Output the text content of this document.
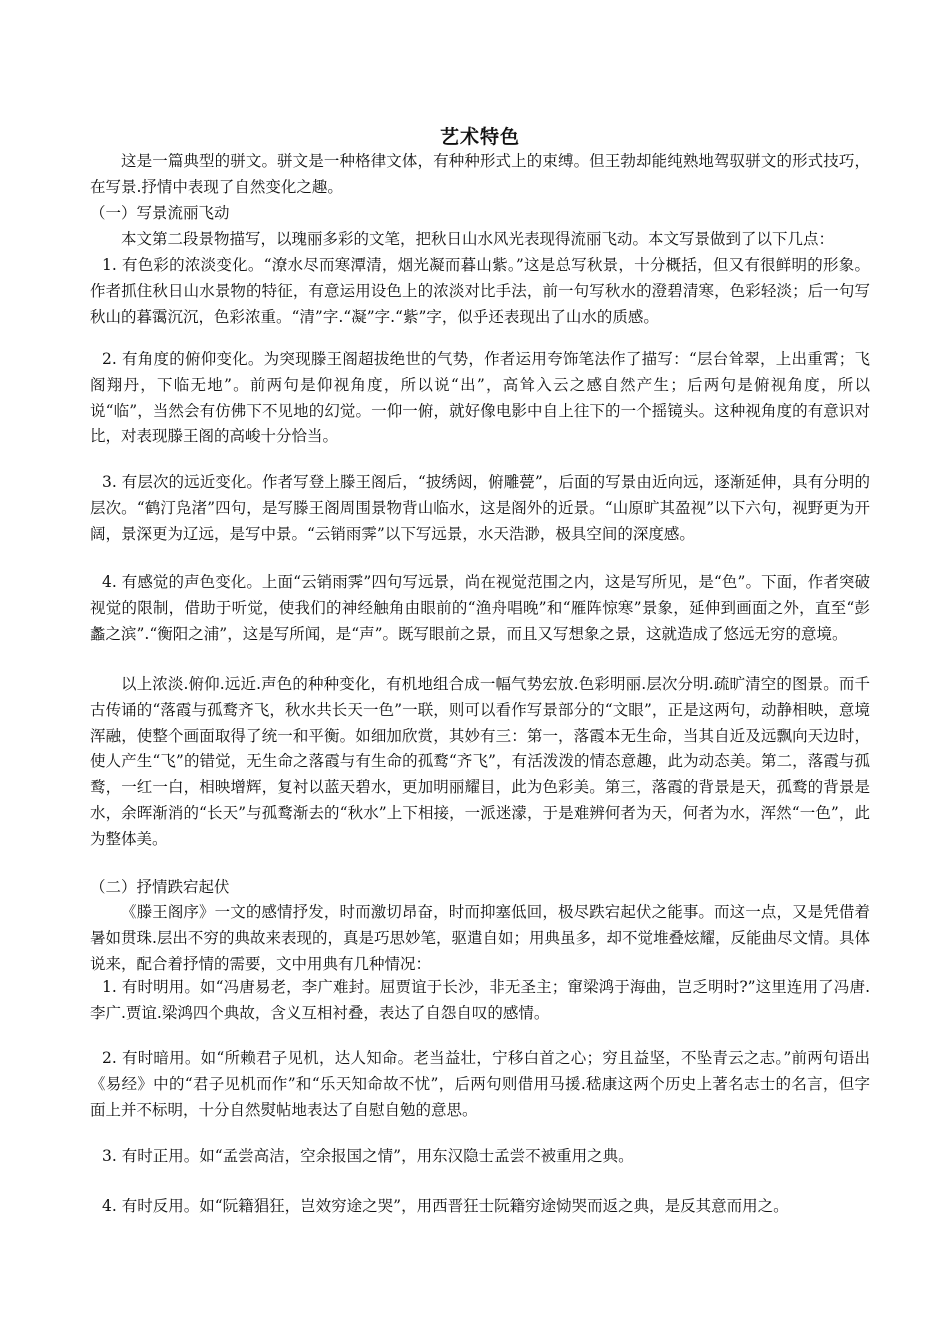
艺术特色
这是一篇典型的骈文。骈文是一种格律文体，有种种形式上的束缚。但王勃却能纯熟地驾驭骈文的形式技巧，在写景.抒情中表现了自然变化之趣。
（一）写景流丽飞动
本文第二段景物描写，以瑰丽多彩的文笔，把秋日山水风光表现得流丽飞动。本文写景做到了以下几点：
1. 有色彩的浓淡变化。“潦水尽而寒潭清，烟光凝而暮山紫。”这是总写秋景，十分概括，但又有很鲜明的形象。作者抓住秋日山水景物的特征，有意运用设色上的浓淡对比手法，前一句写秋水的澄碧清寒，色彩轻淡；后一句写秋山的暮霭沉沉，色彩浓重。“清”字.“凝”字.“紫”字，似乎还表现出了山水的质感。
2. 有角度的俯仰变化。为突现滕王阁超拔绝世的气势，作者运用夸饰笔法作了描写：“层台耸翠，上出重霄；飞阁翔丹，下临无地”。前两句是仰视角度，所以说“出”，高耸入云之感自然产生；后两句是俯视角度，所以说“临”，当然会有仿佛下不见地的幻觉。一仰一俯，就好像电影中自上往下的一个摇镜头。这种视角度的有意识对比，对表现滕王阁的高峻十分恰当。
3. 有层次的远近变化。作者写登上滕王阁后，“披绣闼，俯雕甍”，后面的写景由近向远，逐渐延伸，具有分明的层次。“鹤汀凫渚”四句，是写滕王阁周围景物背山临水，这是阁外的近景。“山原旷其盈视”以下六句，视野更为开阔，景深更为辽远，是写中景。“云销雨霁”以下写远景，水天浩渺，极具空间的深度感。
4. 有感觉的声色变化。上面“云销雨霁”四句写远景，尚在视觉范围之内，这是写所见，是“色”。下面，作者突破视觉的限制，借助于听觉，使我们的神经触角由眼前的“渔舟唱晚”和“雁阵惊寒”景象，延伸到画面之外，直至“彭蠡之滨”.“衡阳之浦”，这是写所闻，是“声”。既写眼前之景，而且又写想象之景，这就造成了悠远无穷的意境。
以上浓淡.俯仰.远近.声色的种种变化，有机地组合成一幅气势宏放.色彩明丽.层次分明.疏旷清空的图景。而千古传诵的“落霞与孤鹜齐飞，秋水共长天一色”一联，则可以看作写景部分的“文眼”，正是这两句，动静相映，意境浑融，使整个画面取得了统一和平衡。如细加欣赏，其妙有三：第一，落霞本无生命，当其自近及远飘向天边时，使人产生“飞”的错觉，无生命之落霞与有生命的孤鹜“齐飞”，有活泼泼的情态意趣，此为动态美。第二，落霞与孤鹜，一红一白，相映增辉，复衬以蓝天碧水，更加明丽耀目，此为色彩美。第三，落霞的背景是天，孤鹜的背景是水，余晖渐消的“长天”与孤鹜渐去的“秋水”上下相接，一派迷濛，于是难辨何者为天，何者为水，浑然“一色”，此为整体美。
（二）抒情跌宕起伏
《滕王阁序》一文的感情抒发，时而激切昂奋，时而抑塞低回，极尽跌宕起伏之能事。而这一点，又是凭借着暑如贯珠.层出不穷的典故来表现的，真是巧思妙笔，驱遣自如；用典虽多，却不觉堆叠炫耀，反能曲尽文情。具体说来，配合着抒情的需要，文中用典有几种情况：
1. 有时明用。如“冯唐易老，李广难封。屈贾谊于长沙，非无圣主；窜梁鸿于海曲，岂乏明时?”这里连用了冯唐.李广.贾谊.梁鸿四个典故，含义互相衬叠，表达了自怨自叹的感情。
2. 有时暗用。如“所赖君子见机，达人知命。老当益壮，宁移白首之心；穷且益坚，不坠青云之志。”前两句语出《易经》中的“君子见机而作”和“乐天知命故不忧”，后两句则借用马援.嵇康这两个历史上著名志士的名言，但字面上并不标明，十分自然熨帖地表达了自慰自勉的意思。
3. 有时正用。如“孟尝高洁，空余报国之情”，用东汉隐士孟尝不被重用之典。
4. 有时反用。如“阮籍猖狂，岂效穷途之哭”，用西晋狂士阮籍穷途恸哭而返之典，是反其意而用之。
